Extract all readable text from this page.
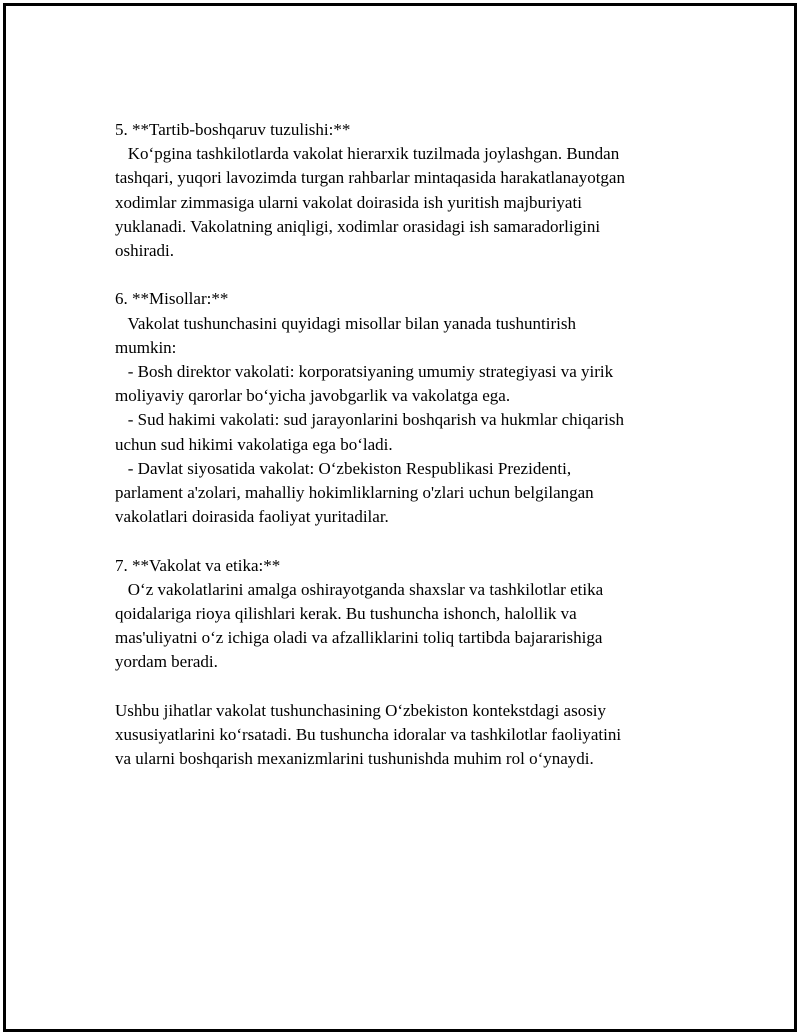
5. **Tartib-boshqaruv tuzulishi:**
Ko‘pgina tashkilotlarda vakolat hierarxik tuzilmada joylashgan. Bundan
tashqari, yuqori lavozimda turgan rahbarlar mintaqasida harakatlanayotgan
xodimlar zimmasiga ularni vakolat doirasida ish yuritish majburiyati
yuklanadi. Vakolatning aniqligi, xodimlar orasidagi ish samaradorligini
oshiradi.
6. **Misollar:**
Vakolat tushunchasini quyidagi misollar bilan yanada tushuntirish
mumkin:
- Bosh direktor vakolati: korporatsiyaning umumiy strategiyasi va yirik
moliyaviy qarorlar bo‘yicha javobgarlik va vakolatga ega.
- Sud hakimi vakolati: sud jarayonlarini boshqarish va hukmlar chiqarish
uchun sud hikimi vakolatiga ega bo‘ladi.
- Davlat siyosatida vakolat: O‘zbekiston Respublikasi Prezidenti,
parlament a'zolari, mahalliy hokimliklarning o'zlari uchun belgilangan
vakolatlari doirasida faoliyat yuritadilar.
7. **Vakolat va etika:**
O‘z vakolatlarini amalga oshirayotganda shaxslar va tashkilotlar etika
qoidalariga rioya qilishlari kerak. Bu tushuncha ishonch, halollik va
mas'uliyatni o‘z ichiga oladi va afzalliklarini toliq tartibda bajararishiga
yordam beradi.
Ushbu jihatlar vakolat tushunchasining O‘zbekiston kontekstdagi asosiy
xususiyatlarini ko‘rsatadi. Bu tushuncha idoralar va tashkilotlar faoliyatini
va ularni boshqarish mexanizmlarini tushunishda muhim rol o‘ynaydi.
